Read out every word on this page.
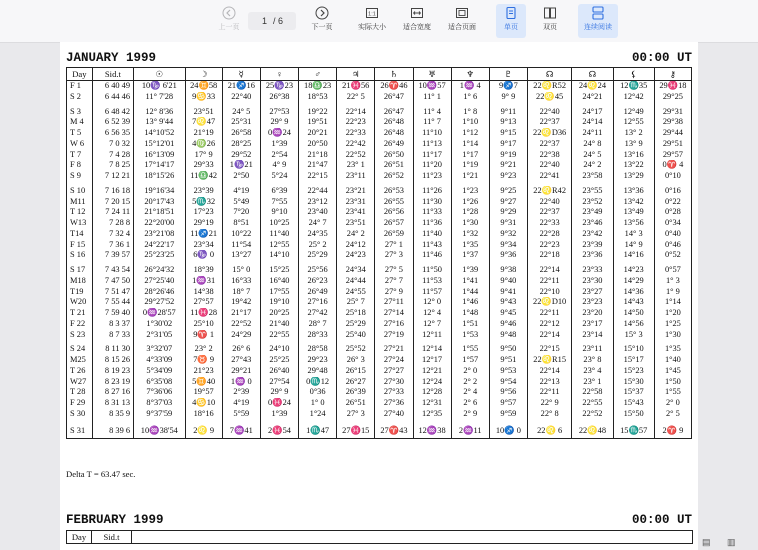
上一页
1 / 6
下一页
1:1
实际大小	适合宽度	适合页面	单页	双页	连续阅读
JANUARY 1999	00:00 UT
Day	Sid.t	☉	☽	☿	♀	♂	♃	♄	♅	♆	♇	☊	☊	⚸	⚷
F 1	6 40 49	10♑ 6'21	24♊58	21♐16	25♑23	18♎23	21♓56	26♈46	10♒57	1♒ 4	9♐7	22♌R52	24♌24	12♏35	29♓18
S 2	6 44 46	11° 7'28	9♋33	22°40	26°38	18°53	22° 5	26°47	11° 1	1° 6	9° 9	22♌45	24°21	12°42	29°25

S 3	6 48 42	12° 8'36	23°51	24° 5	27°53	19°22	22°14	26°47	11° 4	1° 8	9°11	22°40	24°17	12°49	29°31
M 4	6 52 39	13° 9'44	7♌47	25°31	29° 9	19°51	22°23	26°48	11° 7	1°10	9°13	22°37	24°14	12°55	29°38
T 5	6 56 35	14°10'52	21°19	26°58	0♒24	20°21	22°33	26°48	11°10	1°12	9°15	22♌D36	24°11	13° 2	29°44
W 6	7 0 32	15°12'01	4♍26	28°25	1°39	20°50	22°42	26°49	11°13	1°14	9°17	22°37	24° 8	13° 9	29°51
T 7	7 4 28	16°13'09	17° 9	29°52	2°54	21°18	22°52	26°50	11°17	1°17	9°19	22°38	24° 5	13°16	29°57
F 8	7 8 25	17°14'17	29°33	1♑21	4° 9	21°47	23° 1	26°51	11°20	1°19	9°21	22°40	24° 2	13°22	0♈ 4
S 9	7 12 21	18°15'26	11♎42	2°50	5°24	22°15	23°11	26°52	11°23	1°21	9°23	22°41	23°58	13°29	0°10

S 10	7 16 18	19°16'34	23°39	4°19	6°39	22°44	23°21	26°53	11°26	1°23	9°25	22♌R42	23°55	13°36	0°16
M11	7 20 15	20°17'43	5♏32	5°49	7°55	23°12	23°31	26°55	11°30	1°26	9°27	22°40	23°52	13°42	0°22
T 12	7 24 11	21°18'51	17°23	7°20	9°10	23°40	23°41	26°56	11°33	1°28	9°29	22°37	23°49	13°49	0°28
W13	7 28 8	22°20'00	29°19	8°51	10°25	24° 7	23°51	26°57	11°36	1°30	9°31	22°33	23°46	13°56	0°34
T14	7 32 4	23°21'08	11♐21	10°22	11°40	24°35	24° 2	26°59	11°40	1°32	9°32	22°28	23°42	14° 3	0°40
F 15	7 36 1	24°22'17	23°34	11°54	12°55	25° 2	24°12	27° 1	11°43	1°35	9°34	22°23	23°39	14° 9	0°46
S 16	7 39 57	25°23'25	6♑ 0	13°27	14°10	25°29	24°23	27° 3	11°46	1°37	9°36	22°18	23°36	14°16	0°52

S 17	7 43 54	26°24'32	18°39	15° 0	15°25	25°56	24°34	27° 5	11°50	1°39	9°38	22°14	23°33	14°23	0°57
M18	7 47 50	27°25'40	1♒31	16°33	16°40	26°23	24°44	27° 7	11°53	1°41	9°40	22°11	23°30	14°29	1° 3
T19	7 51 47	28°26'46	14°38	18° 7	17°55	26°49	24°55	27° 9	11°57	1°44	9°41	22°10	23°27	14°36	1° 9
W20	7 55 44	29°27'52	27°57	19°42	19°10	27°16	25° 7	27°11	12° 0	1°46	9°43	22♌D10	23°23	14°43	1°14
T 21	7 59 40	0♒28'57	11♓28	21°17	20°25	27°42	25°18	27°14	12° 4	1°48	9°45	22°11	23°20	14°50	1°20
F 22	8 3 37	1°30'02	25°10	22°52	21°40	28° 7	25°29	27°16	12° 7	1°51	9°46	22°12	23°17	14°56	1°25
S 23	8 7 33	2°31'05	9♈ 1	24°29	22°55	28°33	25°40	27°19	12°11	1°53	9°48	22°14	23°14	15° 3	1°30

S 24	8 11 30	3°32'07	23° 2	26° 6	24°10	28°58	25°52	27°21	12°14	1°55	9°50	22°15	23°11	15°10	1°35
M25	8 15 26	4°33'09	7♉ 9	27°43	25°25	29°23	26° 3	27°24	12°17	1°57	9°51	22♌R15	23° 8	15°17	1°40
T 26	8 19 23	5°34'09	21°23	29°21	26°40	29°48	26°15	27°27	12°21	2° 0	9°53	22°14	23° 4	15°23	1°45
W27	8 23 19	6°35'08	5♊40	1♒ 0	27°54	0♏12	26°27	27°30	12°24	2° 2	9°54	22°13	23° 1	15°30	1°50
T 28	8 27 16	7°36'06	19°57	2°39	29° 9	0°36	26°39	27°33	12°28	2° 4	9°56	22°11	22°58	15°37	1°55
F 29	8 31 13	8°37'03	4♋10	4°19	0♓24	1° 0	26°51	27°36	12°31	2° 6	9°57	22° 9	22°55	15°43	2° 0
S 30	8 35 9	9°37'59	18°16	5°59	1°39	1°24	27° 3	27°40	12°35	2° 9	9°59	22° 8	22°52	15°50	2° 5

S 31	8 39 6	10♒38'54	2♌ 9	7♒41	2♓54	1♏47	27♓15	27♈43	12♒38	2♒11	10♐ 0	22♌ 6	22♌48	15♏57	2♈ 9
Delta T = 63.47 sec.
FEBRUARY 1999	00:00 UT
Day	Sid.t		▤ ▥
